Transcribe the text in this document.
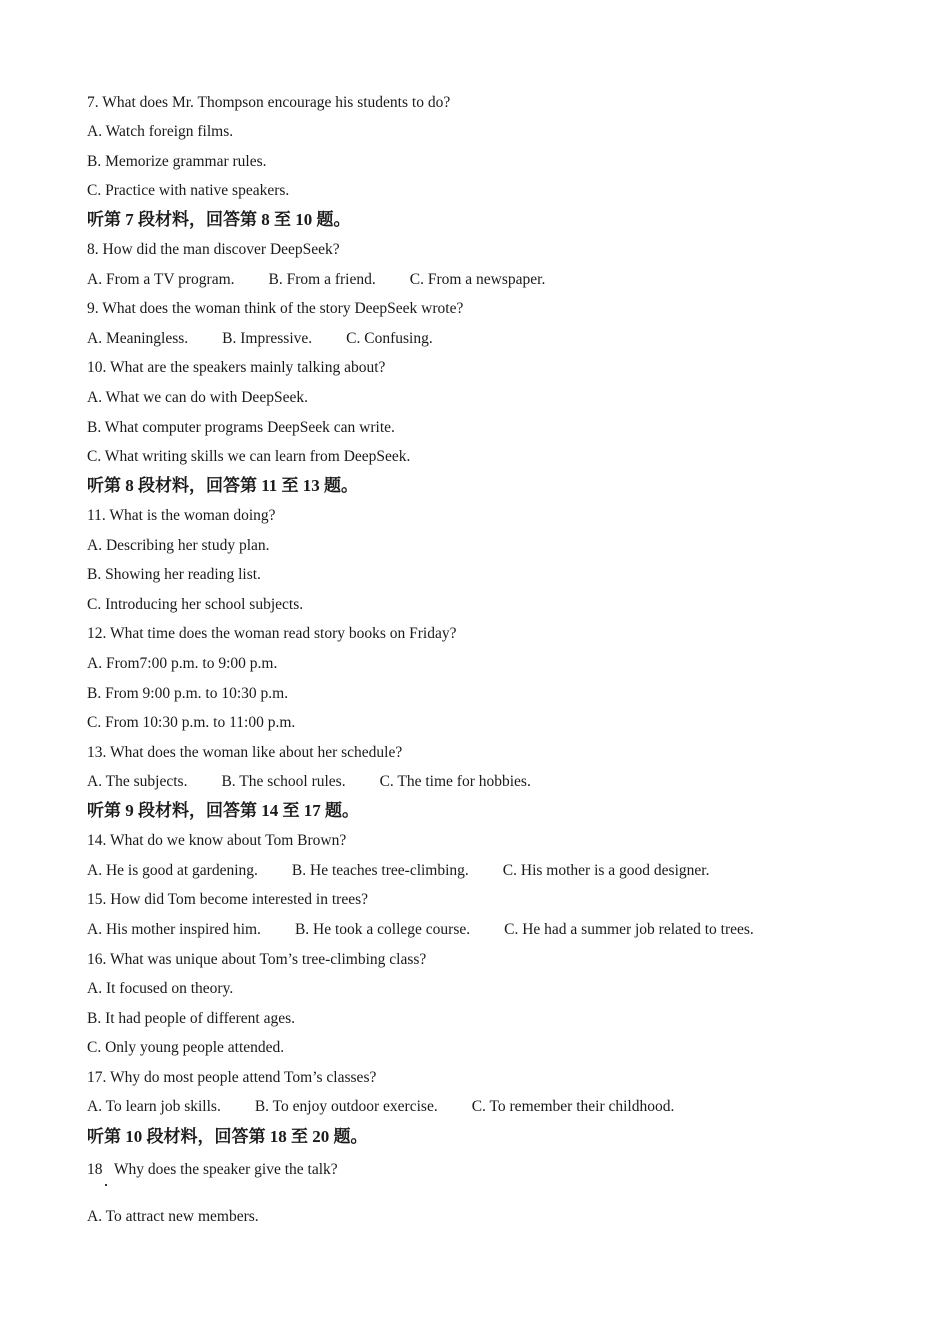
7. What does Mr. Thompson encourage his students to do?
A. Watch foreign films.
B. Memorize grammar rules.
C. Practice with native speakers.
听第 7 段材料，回答第 8 至 10 题。
8. How did the man discover DeepSeek?
A. From a TV program. B. From a friend. C. From a newspaper.
9. What does the woman think of the story DeepSeek wrote?
A. Meaningless. B. Impressive. C. Confusing.
10. What are the speakers mainly talking about?
A. What we can do with DeepSeek.
B. What computer programs DeepSeek can write.
C. What writing skills we can learn from DeepSeek.
听第 8 段材料，回答第 11 至 13 题。
11. What is the woman doing?
A. Describing her study plan.
B. Showing her reading list.
C. Introducing her school subjects.
12. What time does the woman read story books on Friday?
A. From7:00 p.m. to 9:00 p.m.
B. From 9:00 p.m. to 10:30 p.m.
C. From 10:30 p.m. to 11:00 p.m.
13. What does the woman like about her schedule?
A. The subjects. B. The school rules. C. The time for hobbies.
听第 9 段材料，回答第 14 至 17 题。
14. What do we know about Tom Brown?
A. He is good at gardening. B. He teaches tree-climbing. C. His mother is a good designer.
15. How did Tom become interested in trees?
A. His mother inspired him. B. He took a college course. C. He had a summer job related to trees.
16. What was unique about Tom’s tree-climbing class?
A. It focused on theory.
B. It had people of different ages.
C. Only young people attended.
17. Why do most people attend Tom’s classes?
A. To learn job skills. B. To enjoy outdoor exercise. C. To remember their childhood.
听第 10 段材料，回答第 18 至 20 题。
18   Why does the speaker give the talk?
A. To attract new members.
